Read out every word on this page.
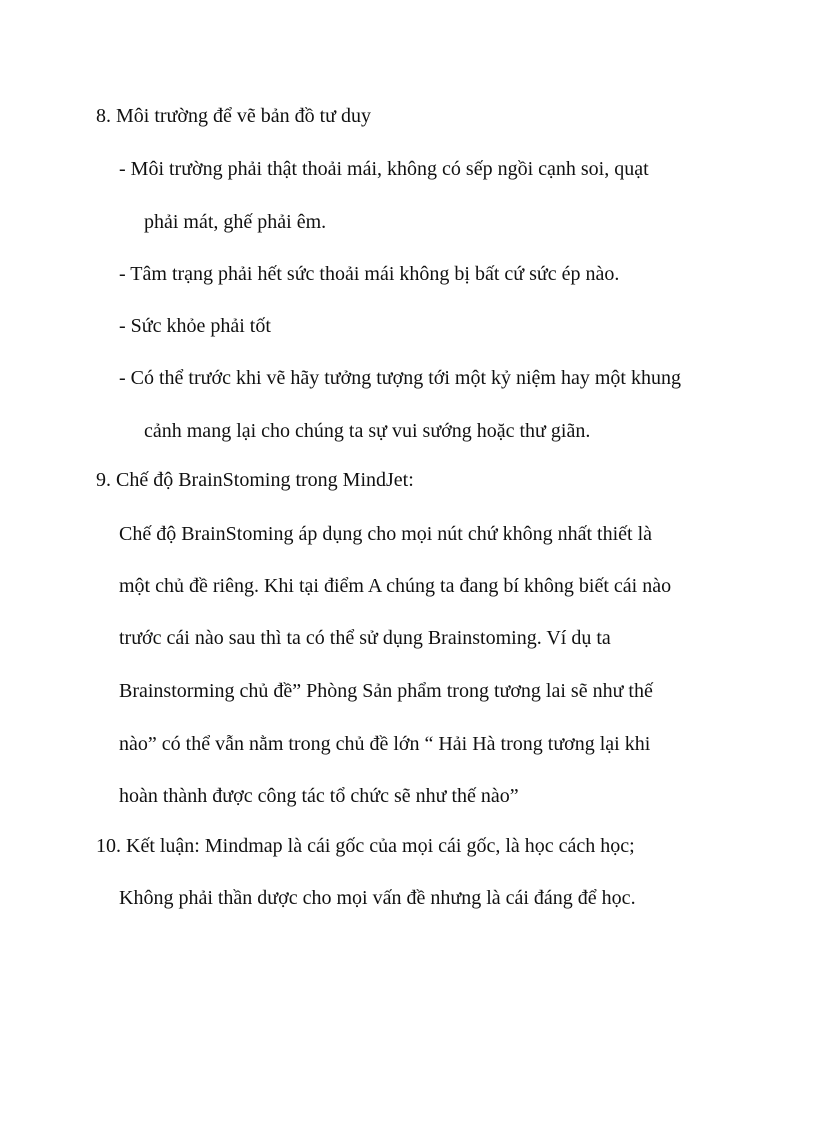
8. Môi trường để vẽ bản đồ tư duy
- Môi trường phải thật thoải mái, không có sếp ngồi cạnh soi, quạt
phải mát, ghế phải êm.
- Tâm trạng phải hết sức thoải mái không bị bất cứ sức ép nào.
- Sức khỏe phải tốt
- Có thể trước khi vẽ hãy tưởng tượng tới một kỷ niệm hay một khung
cảnh mang lại cho chúng ta sự vui sướng hoặc thư giãn.
9. Chế độ BrainStoming trong MindJet:
Chế độ BrainStoming áp dụng cho mọi nút chứ không nhất thiết là
một chủ đề riêng. Khi tại điểm A chúng ta đang bí không biết cái nào
trước cái nào sau thì ta có thể sử dụng Brainstoming. Ví dụ ta
Brainstorming chủ đề” Phòng Sản phẩm trong tương lai sẽ như thế
nào” có thể vẫn nằm trong chủ đề lớn “ Hải Hà trong tương lại khi
hoàn thành được công tác tổ chức sẽ như thế nào”
10. Kết luận: Mindmap là cái gốc của mọi cái gốc, là học cách học;
Không phải thần dược cho mọi vấn đề nhưng là cái đáng để học.
